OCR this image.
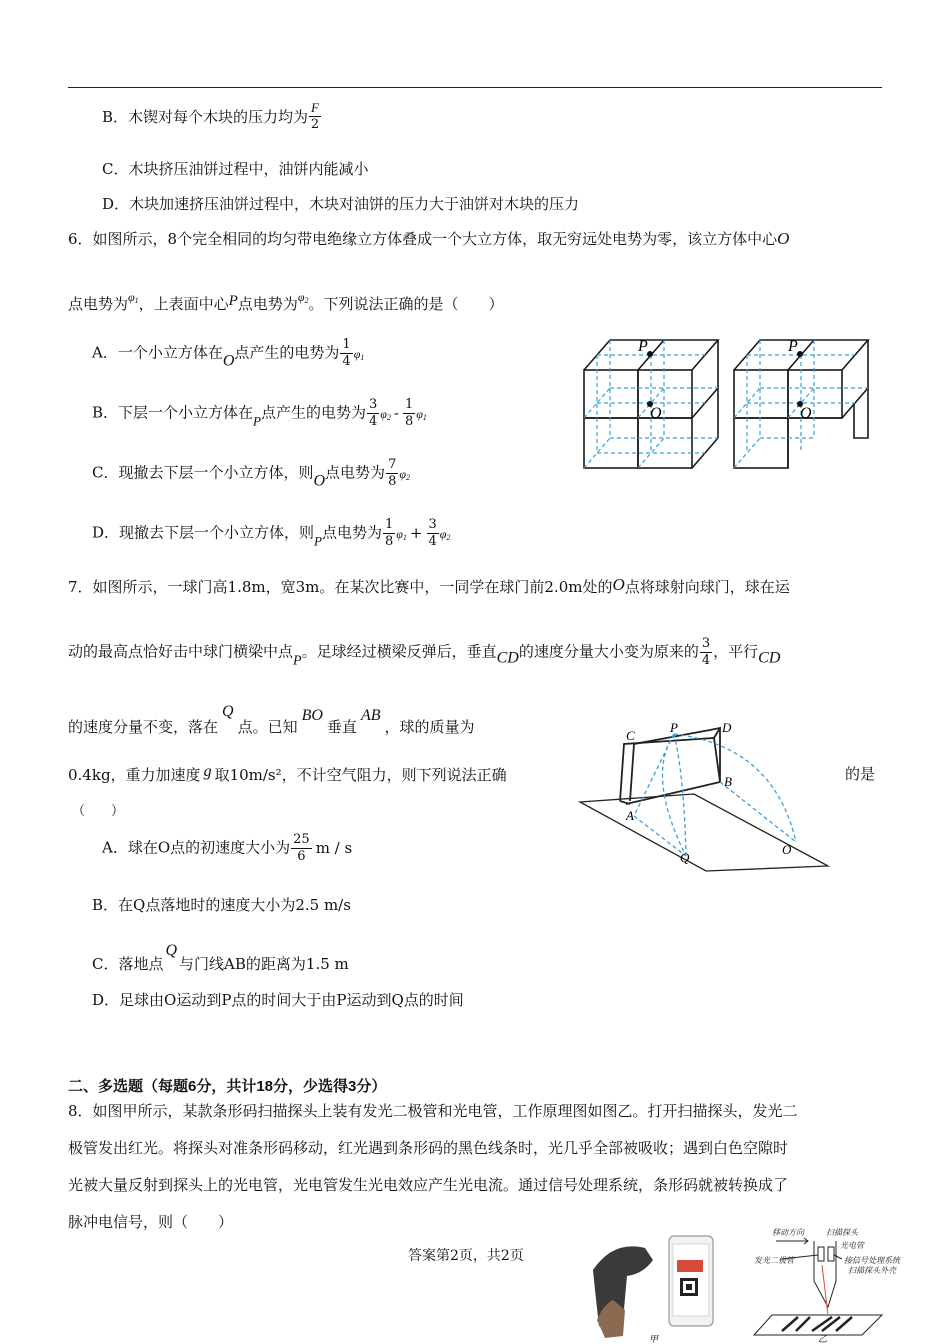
B．木锲对每个木块的压力均为 $\frac{F}{2}$
C．木块挤压油饼过程中，油饼内能减小
D．木块加速挤压油饼过程中，木块对油饼的压力大于油饼对木块的压力
6．如图所示，8个完全相同的均匀带电绝缘立方体叠成一个大立方体，取无穷远处电势为零，该立方体中心O
点电势为$^{\varphi_1}$，上表面中心P点电势为$^{\varphi_2}$。下列说法正确的是（　　）
A．一个小立方体在O点产生的电势为 $\frac{1}{4} \varphi_1$
B．下层一个小立方体在P点产生的电势为 $\frac{3}{4} \varphi_2 - \frac{1}{8} \varphi_1$
C．现撤去下层一个小立方体，则O点电势为 $\frac{7}{8} \varphi_2$
D．现撤去下层一个小立方体，则P点电势为 $\frac{1}{8} \varphi_1 + \frac{3}{4} \varphi_2$
P
O
P
O
7．如图所示，一球门高1.8m，宽3m。在某次比赛中，一同学在球门前2.0m处的O点将球射向球门，球在运
动的最高点恰好击中球门横梁中点P。足球经过横梁反弹后，垂直CD的速度分量大小变为原来的 $\frac{3}{4}$ ，平行CD
的速度分量不变，落在Q点。已知BO垂直AB，球的质量为
0.4kg，重力加速度 g 取10m/s²，不计空气阻力，则下列说法正确	的是
（　　）
A．球在O点的初速度大小为 $\frac{25}{6}$ m / s
B．在Q点落地时的速度大小为2.5 m/s
C．落地点Q与门线AB的距离为1.5 m
D．足球由O运动到P点的时间大于由P运动到Q点的时间
C
P	D
A
B
Q
O
二、多选题（每题6分，共计18分，少选得3分）
8．如图甲所示，某款条形码扫描探头上装有发光二极管和光电管，工作原理图如图乙。打开扫描探头，发光二
极管发出红光。将探头对准条形码移动，红光遇到条形码的黑色线条时，光几乎全部被吸收；遇到白色空隙时
光被大量反射到探头上的光电管，光电管发生光电效应产生光电流。通过信号处理系统，条形码就被转换成了
脉冲电信号，则（　　）
答案第2页，共2页
甲
移动方向	扫描探头
光电管
发光二极管	接信号处理系统
扫描探头外壳
乙
